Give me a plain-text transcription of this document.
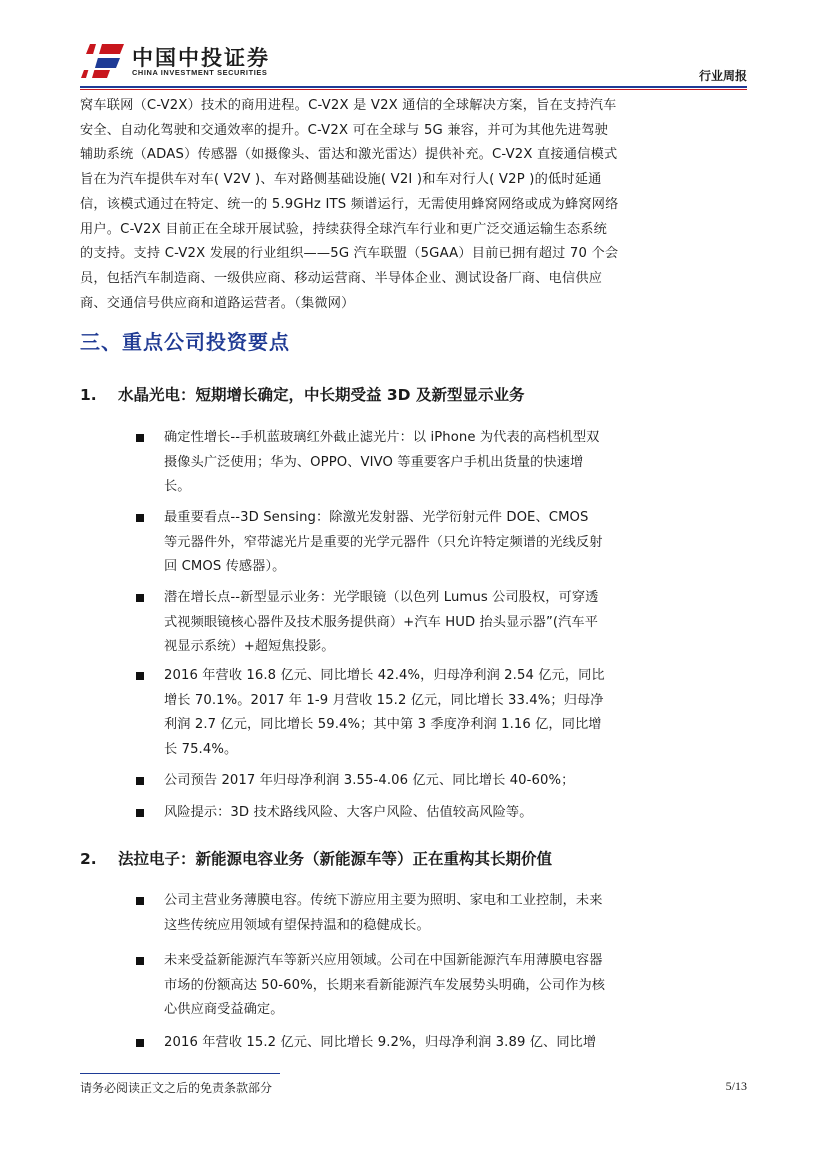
中国中投证券
CHINA INVESTMENT SECURITIES	行业周报

窝车联网（C-V2X）技术的商用进程。C-V2X 是 V2X 通信的全球解决方案，旨在支持汽车安全、自动化驾驶和交通效率的提升。C-V2X 可在全球与 5G 兼容，并可为其他先进驾驶辅助系统（ADAS）传感器（如摄像头、雷达和激光雷达）提供补充。C-V2X 直接通信模式旨在为汽车提供车对车( V2V )、车对路侧基础设施( V2I )和车对行人( V2P )的低时延通信，该模式通过在特定、统一的 5.9GHz ITS 频谱运行，无需使用蜂窝网络或成为蜂窝网络用户。C-V2X 目前正在全球开展试验，持续获得全球汽车行业和更广泛交通运输生态系统的支持。支持 C-V2X 发展的行业组织——5G 汽车联盟（5GAA）目前已拥有超过 70 个会员，包括汽车制造商、一级供应商、移动运营商、半导体企业、测试设备厂商、电信供应商、交通信号供应商和道路运营者。（集微网）

三、重点公司投资要点
1. 水晶光电：短期增长确定，中长期受益 3D 及新型显示业务
确定性增长--手机蓝玻璃红外截止滤光片：以 iPhone 为代表的高档机型双摄像头广泛使用；华为、OPPO、VIVO 等重要客户手机出货量的快速增长。
最重要看点--3D Sensing：除激光发射器、光学衍射元件 DOE、CMOS 等元器件外，窄带滤光片是重要的光学元器件（只允许特定频谱的光线反射回 CMOS 传感器）。
潜在增长点--新型显示业务：光学眼镜（以色列 Lumus 公司股权，可穿透式视频眼镜核心器件及技术服务提供商）+汽车 HUD 抬头显示器”(汽车平视显示系统）+超短焦投影。
2016 年营收 16.8 亿元、同比增长 42.4%，归母净利润 2.54 亿元，同比增长 70.1%。2017 年 1-9 月营收 15.2 亿元，同比增长 33.4%；归母净利润 2.7 亿元，同比增长 59.4%；其中第 3 季度净利润 1.16 亿，同比增长 75.4%。
公司预告 2017 年归母净利润 3.55-4.06 亿元、同比增长 40-60%；
风险提示：3D 技术路线风险、大客户风险、估值较高风险等。
2. 法拉电子：新能源电容业务（新能源车等）正在重构其长期价值
公司主营业务薄膜电容。传统下游应用主要为照明、家电和工业控制，未来这些传统应用领域有望保持温和的稳健成长。
未来受益新能源汽车等新兴应用领域。公司在中国新能源汽车用薄膜电容器市场的份额高达 50-60%，长期来看新能源汽车发展势头明确，公司作为核心供应商受益确定。
2016 年营收 15.2 亿元、同比增长 9.2%，归母净利润 3.89 亿、同比增
请务必阅读正文之后的免责条款部分	5/13
